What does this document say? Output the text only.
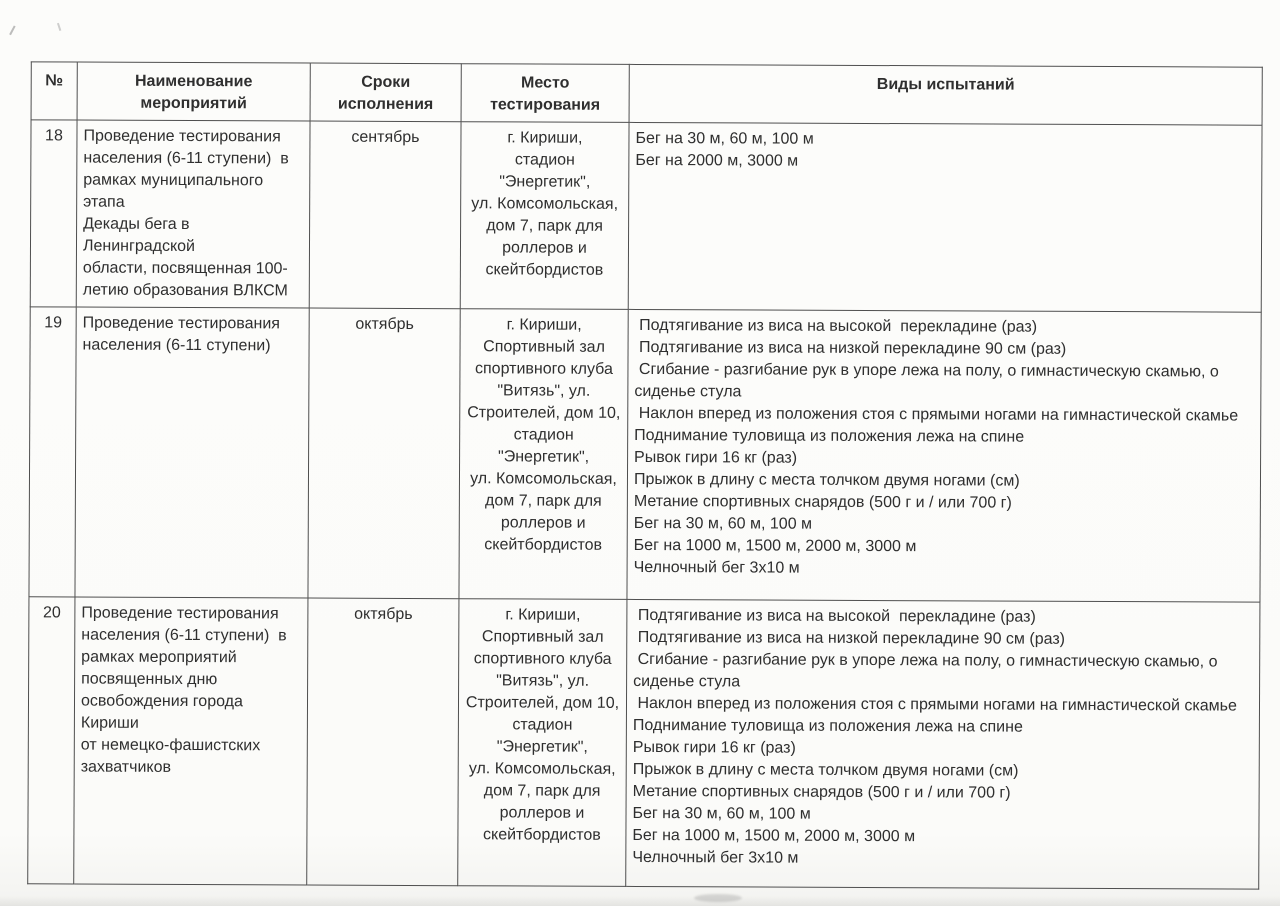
№	Наименование мероприятий	Сроки исполнения	Место тестирования	Виды испытаний
18	Проведение тестирования
населения (6-11 ступени)  в
рамках муниципального этапа
Декады бега в Ленинградской
области, посвященная 100-
летию образования ВЛКСМ	сентябрь	г. Кириши,
стадион "Энергетик",
ул. Комсомольская,
дом 7, парк для
роллеров и
скейтбордистов	Бег на 30 м, 60 м, 100 м
Бег на 2000 м, 3000 м
19	Проведение тестирования
населения (6-11 ступени)	октябрь	г. Кириши,
Спортивный зал
спортивного клуба
"Витязь", ул.
Строителей, дом 10,
стадион "Энергетик",
ул. Комсомольская,
дом 7, парк для
роллеров и
скейтбордистов	Подтягивание из виса на высокой  перекладине (раз)
Подтягивание из виса на низкой перекладине 90 см (раз)
Сгибание - разгибание рук в упоре лежа на полу, о гимнастическую скамью, о
сиденье стула
Наклон вперед из положения стоя с прямыми ногами на гимнастической скамье
Поднимание туловища из положения лежа на спине
Рывок гири 16 кг (раз)
Прыжок в длину с места толчком двумя ногами (см)
Метание спортивных снарядов (500 г и / или 700 г)
Бег на 30 м, 60 м, 100 м
Бег на 1000 м, 1500 м, 2000 м, 3000 м
Челночный бег 3х10 м
20	Проведение тестирования
населения (6-11 ступени)  в
рамках мероприятий
посвященных дню
освобождения города Кириши
от немецко-фашистских
захватчиков	октябрь	г. Кириши,
Спортивный зал
спортивного клуба
"Витязь", ул.
Строителей, дом 10,
стадион "Энергетик",
ул. Комсомольская,
дом 7, парк для
роллеров и
скейтбордистов	Подтягивание из виса на высокой  перекладине (раз)
Подтягивание из виса на низкой перекладине 90 см (раз)
Сгибание - разгибание рук в упоре лежа на полу, о гимнастическую скамью, о
сиденье стула
Наклон вперед из положения стоя с прямыми ногами на гимнастической скамье
Поднимание туловища из положения лежа на спине
Рывок гири 16 кг (раз)
Прыжок в длину с места толчком двумя ногами (см)
Метание спортивных снарядов (500 г и / или 700 г)
Бег на 30 м, 60 м, 100 м
Бег на 1000 м, 1500 м, 2000 м, 3000 м
Челночный бег 3х10 м
